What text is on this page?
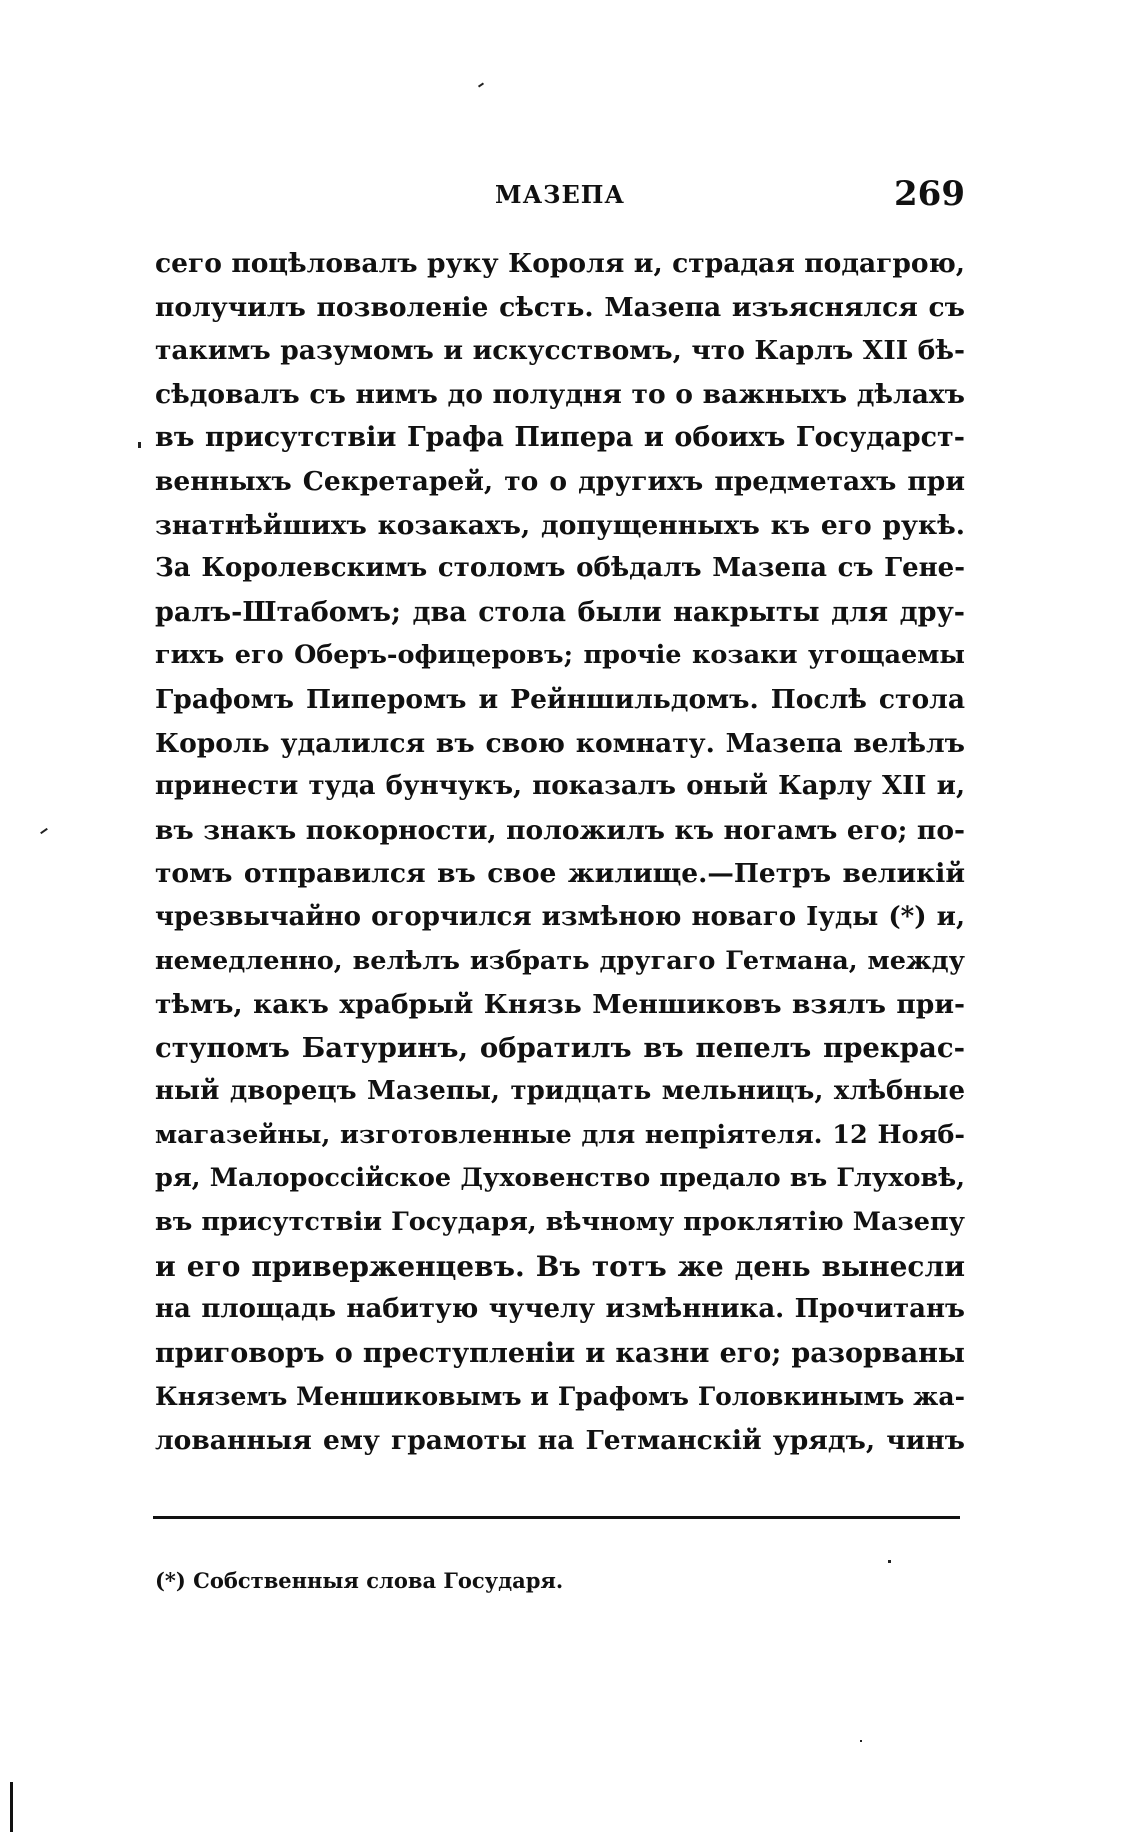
МАЗЕПА	269
сего поцѣловалъ руку Короля и, страдая подагрою,
получилъ позволеніе сѣсть. Мазепа изъяснялся съ
такимъ разумомъ и искусствомъ, что Карлъ XII бѣ-
сѣдовалъ съ нимъ до полудня то о важныхъ дѣлахъ
въ присутствіи Графа Пипера и обоихъ Государст-
венныхъ Секретарей, то о другихъ предметахъ при
знатнѣйшихъ козакахъ, допущенныхъ къ его рукѣ.
За Королевскимъ столомъ обѣдалъ Мазепа съ Гене-
ралъ-Штабомъ; два стола были накрыты для дру-
гихъ его Оберъ-офицеровъ; прочіе козаки угощаемы
Графомъ Пиперомъ и Рейншильдомъ. Послѣ стола
Король удалился въ свою комнату. Мазепа велѣлъ
принести туда бунчукъ, показалъ оный Карлу XII и,
въ знакъ покорности, положилъ къ ногамъ его; по-
томъ отправился въ свое жилище.—Петръ великій
чрезвычайно огорчился измѣною новаго Іуды (*) и,
немедленно, велѣлъ избрать другаго Гетмана, между
тѣмъ, какъ храбрый Князь Меншиковъ взялъ при-
ступомъ Батуринъ, обратилъ въ пепелъ прекрас-
ный дворецъ Мазепы, тридцать мельницъ, хлѣбные
магазейны, изготовленные для непріятеля. 12 Нояб-
ря, Малороссійское Духовенство предало въ Глуховѣ,
въ присутствіи Государя, вѣчному проклятію Мазепу
и его приверженцевъ. Въ тотъ же день вынесли
на площадь набитую чучелу измѣнника. Прочитанъ
приговоръ о преступленіи и казни его; разорваны
Княземъ Меншиковымъ и Графомъ Головкинымъ жа-
лованныя ему грамоты на Гетманскій урядъ, чинъ
(*) Собственныя слова Государя.
